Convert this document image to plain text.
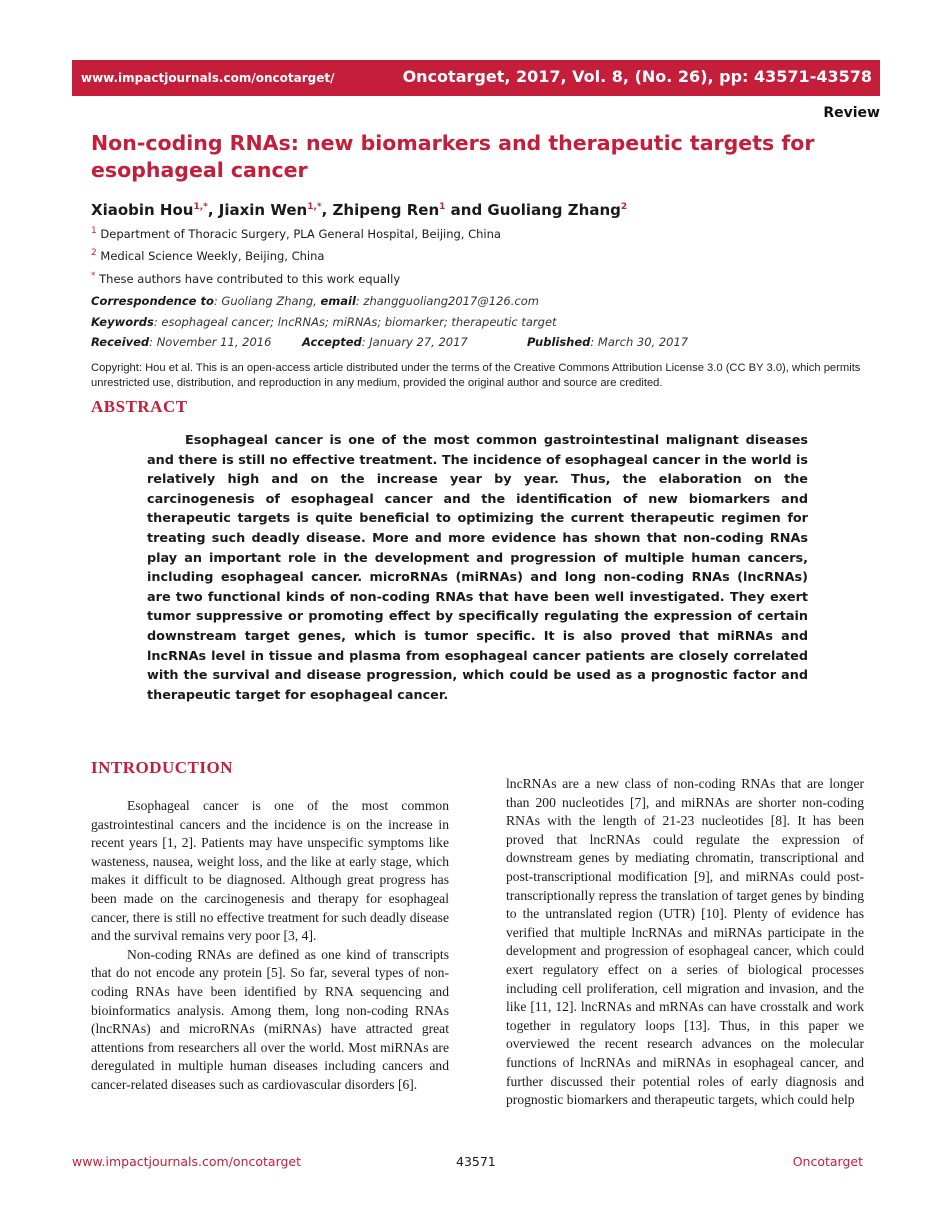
www.impactjournals.com/oncotarget/	Oncotarget, 2017, Vol. 8, (No. 26), pp: 43571-43578
Review
Non-coding RNAs: new biomarkers and therapeutic targets for esophageal cancer
Xiaobin Hou$^{1,*}$, Jiaxin Wen$^{1,*}$, Zhipeng Ren$^1$ and Guoliang Zhang$^2$
$^1$ Department of Thoracic Surgery, PLA General Hospital, Beijing, China
$^2$ Medical Science Weekly, Beijing, China
* These authors have contributed to this work equally
Correspondence to: Guoliang Zhang, email: zhangguoliang2017@126.com
Keywords: esophageal cancer; lncRNAs; miRNAs; biomarker; therapeutic target
Received: November 11, 2016	Accepted: January 27, 2017	Published: March 30, 2017

Copyright: Hou et al. This is an open-access article distributed under the terms of the Creative Commons Attribution License 3.0 (CC BY 3.0), which permits unrestricted use, distribution, and reproduction in any medium, provided the original author and source are credited.

ABSTRACT

Esophageal cancer is one of the most common gastrointestinal malignant diseases and there is still no effective treatment. The incidence of esophageal cancer in the world is relatively high and on the increase year by year. Thus, the elaboration on the carcinogenesis of esophageal cancer and the identification of new biomarkers and therapeutic targets is quite beneficial to optimizing the current therapeutic regimen for treating such deadly disease. More and more evidence has shown that non-coding RNAs play an important role in the development and progression of multiple human cancers, including esophageal cancer. microRNAs (miRNAs) and long non-coding RNAs (lncRNAs) are two functional kinds of non-coding RNAs that have been well investigated. They exert tumor suppressive or promoting effect by specifically regulating the expression of certain downstream target genes, which is tumor specific. It is also proved that miRNAs and lncRNAs level in tissue and plasma from esophageal cancer patients are closely correlated with the survival and disease progression, which could be used as a prognostic factor and therapeutic target for esophageal cancer.

INTRODUCTION

Esophageal cancer is one of the most common gastrointestinal cancers and the incidence is on the increase in recent years [1, 2]. Patients may have unspecific symptoms like wasteness, nausea, weight loss, and the like at early stage, which makes it difficult to be diagnosed. Although great progress has been made on the carcinogenesis and therapy for esophageal cancer, there is still no effective treatment for such deadly disease and the survival remains very poor [3, 4].

Non-coding RNAs are defined as one kind of transcripts that do not encode any protein [5]. So far, several types of non-coding RNAs have been identified by RNA sequencing and bioinformatics analysis. Among them, long non-coding RNAs (lncRNAs) and microRNAs (miRNAs) have attracted great attentions from researchers all over the world. Most miRNAs are deregulated in multiple human diseases including cancers and cancer-related diseases such as cardiovascular disorders [6].

lncRNAs are a new class of non-coding RNAs that are longer than 200 nucleotides [7], and miRNAs are shorter non-coding RNAs with the length of 21-23 nucleotides [8]. It has been proved that lncRNAs could regulate the expression of downstream genes by mediating chromatin, transcriptional and post-transcriptional modification [9], and miRNAs could post-transcriptionally repress the translation of target genes by binding to the untranslated region (UTR) [10]. Plenty of evidence has verified that multiple lncRNAs and miRNAs participate in the development and progression of esophageal cancer, which could exert regulatory effect on a series of biological processes including cell proliferation, cell migration and invasion, and the like [11, 12]. lncRNAs and mRNAs can have crosstalk and work together in regulatory loops [13]. Thus, in this paper we overviewed the recent research advances on the molecular functions of lncRNAs and miRNAs in esophageal cancer, and further discussed their potential roles of early diagnosis and prognostic biomarkers and therapeutic targets, which could help

www.impactjournals.com/oncotarget	43571	Oncotarget
